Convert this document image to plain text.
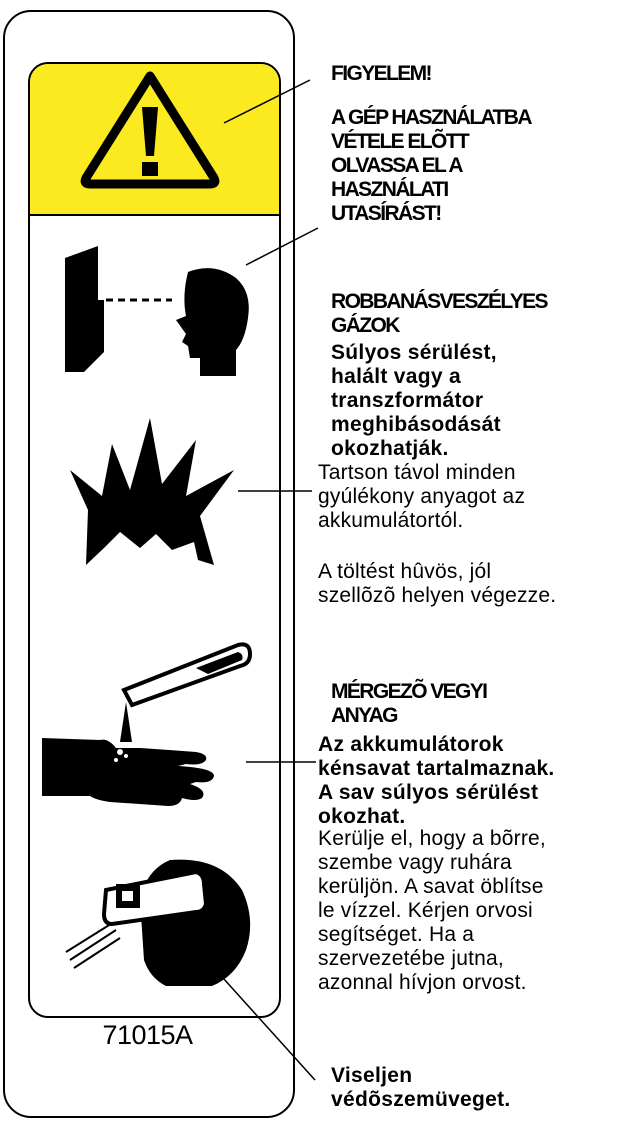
71015A
FIGYELEM!
A GÉP HASZNÁLATBA
VÉTELE ELÕTT
OLVASSA EL A
HASZNÁLATI
UTASÍRÁST!
ROBBANÁSVESZÉLYES
GÁZOK
Súlyos sérülést,
halált vagy a
transzformátor
meghibásodását
okozhatják.
Tartson távol minden
gyúlékony anyagot az
akkumulátortól.
A töltést hûvös, jól
szellõzõ helyen végezze.
MÉRGEZÕ VEGYI
ANYAG
Az akkumulátorok
kénsavat tartalmaznak.
A sav súlyos sérülést
okozhat.
Kerülje el, hogy a bõrre,
szembe vagy ruhára
kerüljön. A savat öblítse
le vízzel. Kérjen orvosi
segítséget. Ha a
szervezetébe jutna,
azonnal hívjon orvost.
Viseljen
védõszemüveget.
